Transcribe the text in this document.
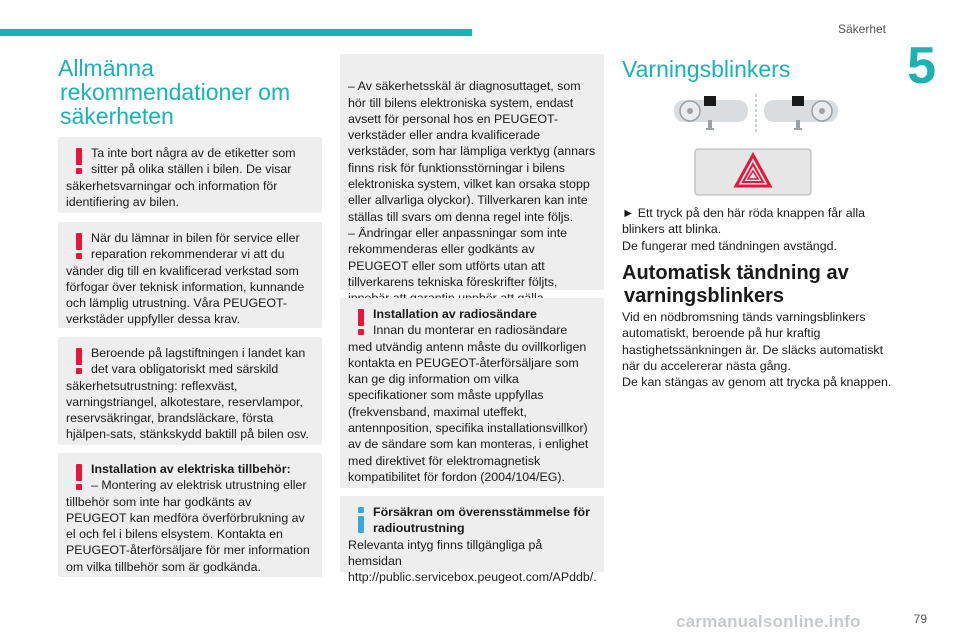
Säkerhet
5
Allmänna
rekommendationer om
säkerheten
Ta inte bort några av de etiketter som sitter på olika ställen i bilen. De visar
säkerhetsvarningar och information för identifiering av bilen.
När du lämnar in bilen för service eller reparation rekommenderar vi att du
vänder dig till en kvalificerad verkstad som förfogar över teknisk information, kunnande och lämplig utrustning. Våra PEUGEOT-verkstäder uppfyller dessa krav.
Beroende på lagstiftningen i landet kan det vara obligatoriskt med särskild
säkerhetsutrustning: reflexväst, varningstriangel, alkotestare, reservlampor, reservsäkringar, brandsläckare, första hjälpen-sats, stänkskydd baktill på bilen osv.
Installation av elektriska tillbehör:
– Montering av elektrisk utrustning eller
tillbehör som inte har godkänts av PEUGEOT kan medföra överförbrukning av el och fel i bilens elsystem. Kontakta en PEUGEOT-återförsäljare för mer information om vilka tillbehör som är godkända.

– Av säkerhetsskäl är diagnosuttaget, som hör till bilens elektroniska system, endast avsett för personal hos en PEUGEOT-verkstäder eller andra kvalificerade verkstäder, som har lämpliga verktyg (annars finns risk för funktionsstörningar i bilens elektroniska system, vilket kan orsaka stopp eller allvarliga olyckor). Tillverkaren kan inte ställas till svars om denna regel inte följs.
– Ändringar eller anpassningar som inte rekommenderas eller godkänts av PEUGEOT eller som utförts utan att tillverkarens tekniska föreskrifter följts,

Installation av radiosändare
Innan du monterar en radiosändare
med utvändig antenn måste du ovillkorligen kontakta en PEUGEOT-återförsäljare som kan ge dig information om vilka specifikationer som måste uppfyllas (frekvensband, maximal uteffekt, antennposition, specifika installationsvillkor) av de sändare som kan monteras, i enlighet med direktivet för elektromagnetisk kompatibilitet för fordon (2004/104/EG).
Försäkran om överensstämmelse för radioutrustning
Relevanta intyg finns tillgängliga på hemsidan http://public.servicebox.peugeot.com/APddb/.
Varningsblinkers
► Ett tryck på den här röda knappen får alla blinkers att blinka.
De fungerar med tändningen avstängd.
Automatisk tändning av
varningsblinkers
Vid en nödbromsning tänds varningsblinkers automatiskt, beroende på hur kraftig hastighetssänkningen är. De släcks automatiskt när du accelererar nästa gång.
De kan stängas av genom att trycka på knappen.
carmanualsonline.info	79
